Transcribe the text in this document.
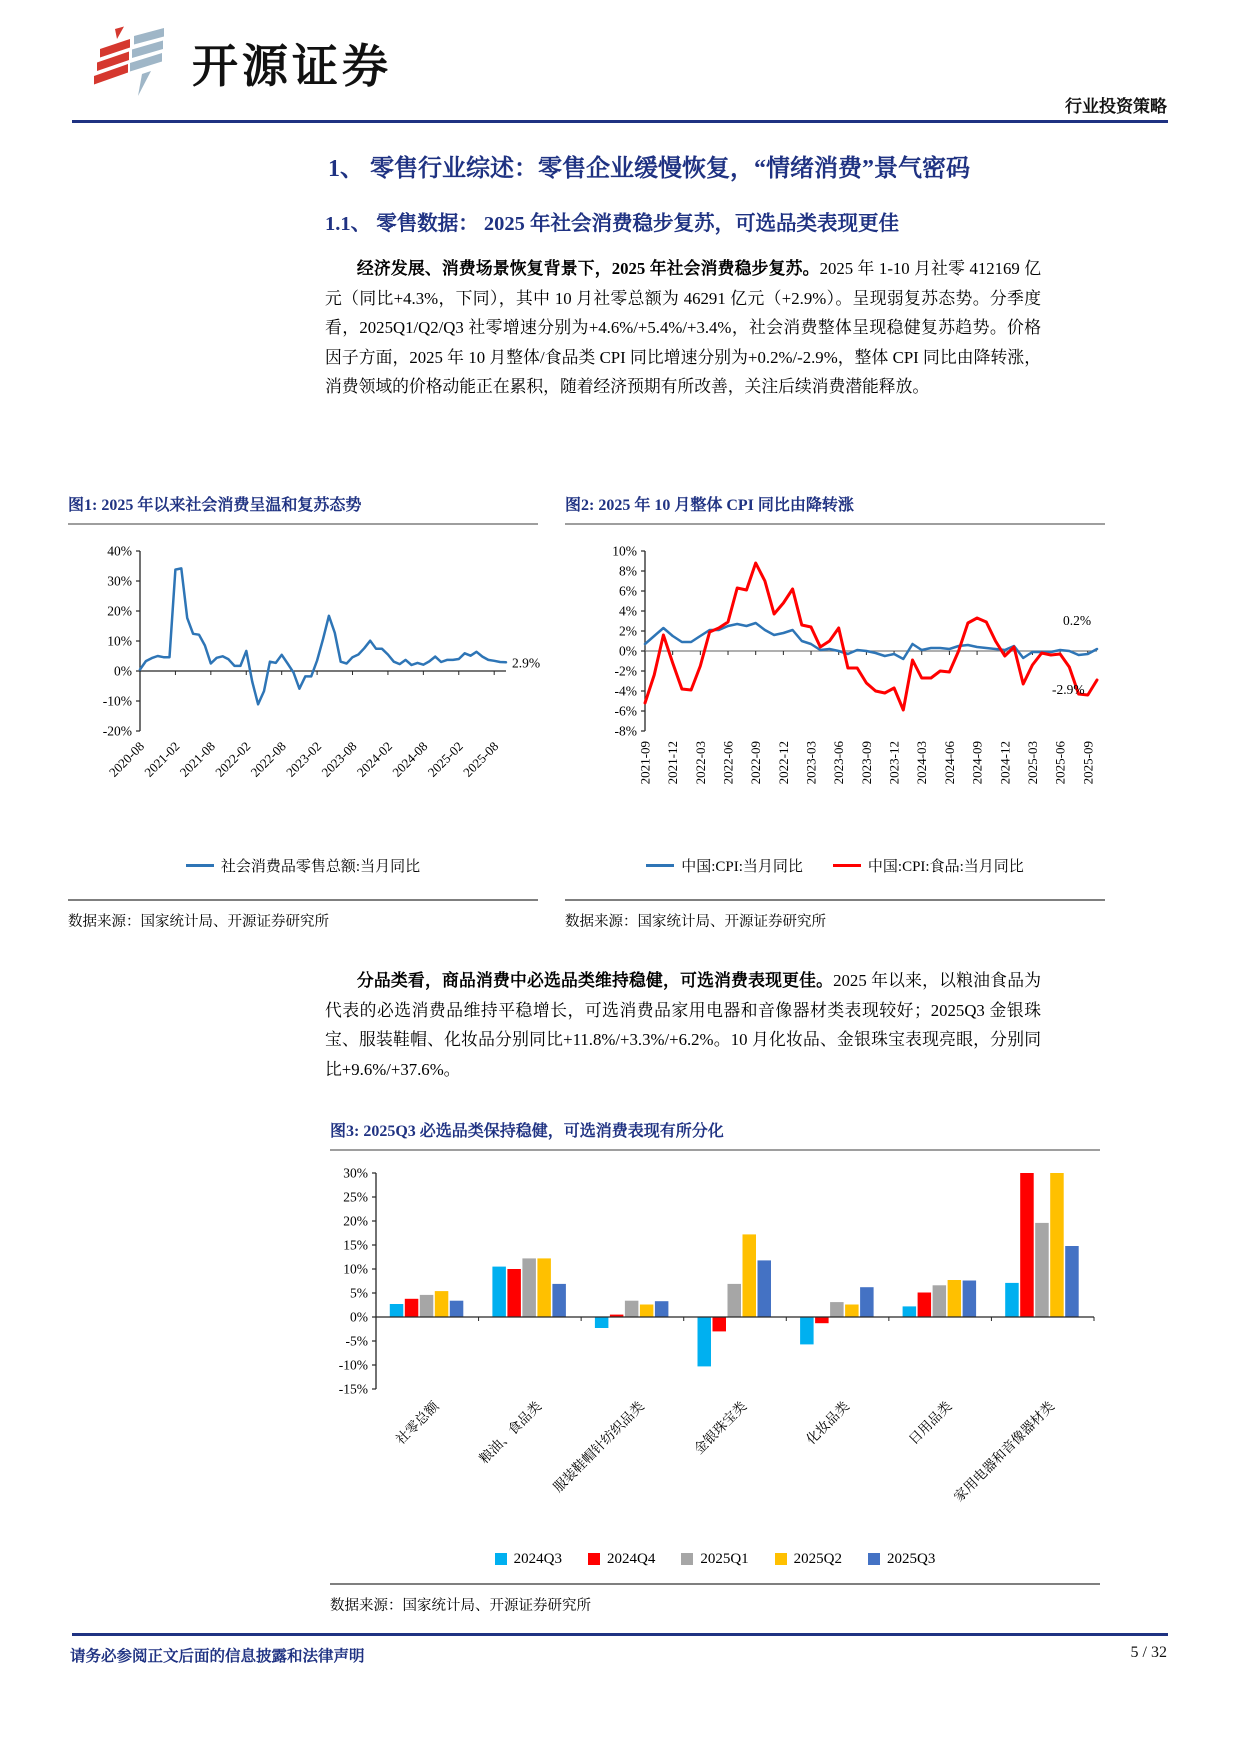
开源证券
行业投资策略
1、 零售行业综述：零售企业缓慢恢复，“情绪消费”景气密码
1.1、 零售数据： 2025 年社会消费稳步复苏，可选品类表现更佳
经济发展、消费场景恢复背景下，2025 年社会消费稳步复苏。2025 年 1-10 月社零 412169 亿元（同比+4.3%，下同），其中 10 月社零总额为 46291 亿元（+2.9%）。呈现弱复苏态势。分季度看，2025Q1/Q2/Q3 社零增速分别为+4.6%/+5.4%/+3.4%，社会消费整体呈现稳健复苏趋势。价格因子方面，2025 年 10 月整体/食品类 CPI 同比增速分别为+0.2%/-2.9%，整体 CPI 同比由降转涨，消费领域的价格动能正在累积，随着经济预期有所改善，关注后续消费潜能释放。
图1: 2025 年以来社会消费呈温和复苏态势
-20%
-10%
0%
10%
20%
30%
40%
2020-08
2021-02
2021-08
2022-02
2022-08
2023-02
2023-08
2024-02
2024-08
2025-02
2025-08
2.9%
社会消费品零售总额:当月同比
数据来源：国家统计局、开源证券研究所
图2: 2025 年 10 月整体 CPI 同比由降转涨
-8%
-6%
-4%
-2%
0%
2%
4%
6%
8%
10%
2021-09 2021-12 2022-03 2022-06 2022-09 2022-12 2023-03 2023-06 2023-09 2023-12 2024-03 2024-06 2024-09 2024-12 2025-03 2025-06 2025-09
0.2%
-2.9%
中国:CPI:当月同比	中国:CPI:食品:当月同比
数据来源：国家统计局、开源证券研究所
分品类看，商品消费中必选品类维持稳健，可选消费表现更佳。2025 年以来，以粮油食品为代表的必选消费品维持平稳增长，可选消费品家用电器和音像器材类表现较好；2025Q3 金银珠宝、服装鞋帽、化妆品分别同比+11.8%/+3.3%/+6.2%。10 月化妆品、金银珠宝表现亮眼，分别同比+9.6%/+37.6%。
图3: 2025Q3 必选品类保持稳健，可选消费表现有所分化
-15%
-10%
-5%
0%
5%
10%
15%
20%
25%
30%
社零总额	粮油、食品类 服装鞋帽针纺织品类	金银珠宝类	化妆品类	日用品类
家用电器和音像器材类
2024Q3	2024Q4	2025Q1	2025Q2	2025Q3
数据来源：国家统计局、开源证券研究所
请务必参阅正文后面的信息披露和法律声明	5 / 32
